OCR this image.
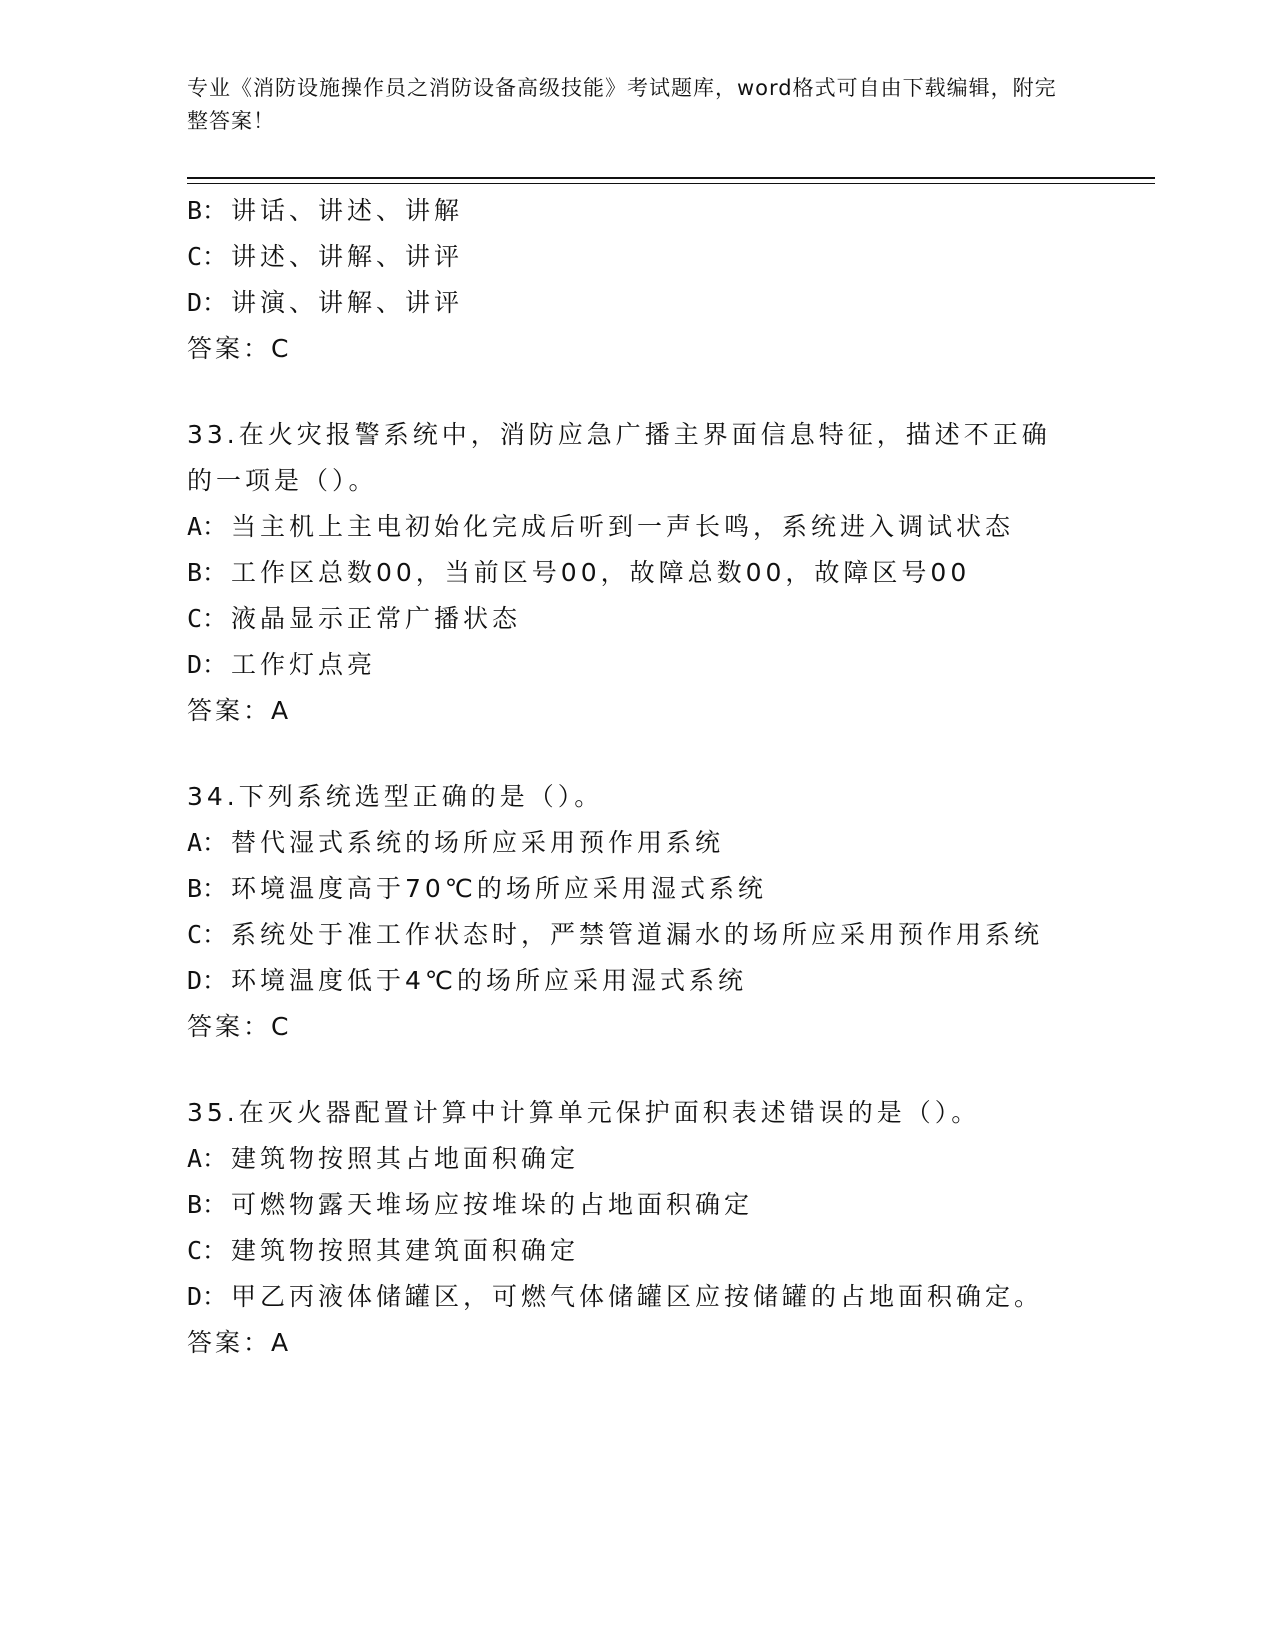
专业《消防设施操作员之消防设备高级技能》考试题库，word格式可自由下载编辑，附完整答案！
B： 讲话、讲述、讲解
C： 讲述、讲解、讲评
D： 讲演、讲解、讲评
答案：C
33.在火灾报警系统中，消防应急广播主界面信息特征，描述不正确的一项是（）。
A： 当主机上主电初始化完成后听到一声长鸣，系统进入调试状态
B： 工作区总数00，当前区号00，故障总数00，故障区号00
C： 液晶显示正常广播状态
D： 工作灯点亮
答案：A
34.下列系统选型正确的是（）。
A： 替代湿式系统的场所应采用预作用系统
B： 环境温度高于70℃的场所应采用湿式系统
C： 系统处于准工作状态时，严禁管道漏水的场所应采用预作用系统
D： 环境温度低于4℃的场所应采用湿式系统
答案：C
35.在灭火器配置计算中计算单元保护面积表述错误的是（）。
A： 建筑物按照其占地面积确定
B： 可燃物露天堆场应按堆垛的占地面积确定
C： 建筑物按照其建筑面积确定
D： 甲乙丙液体储罐区，可燃气体储罐区应按储罐的占地面积确定。
答案：A
